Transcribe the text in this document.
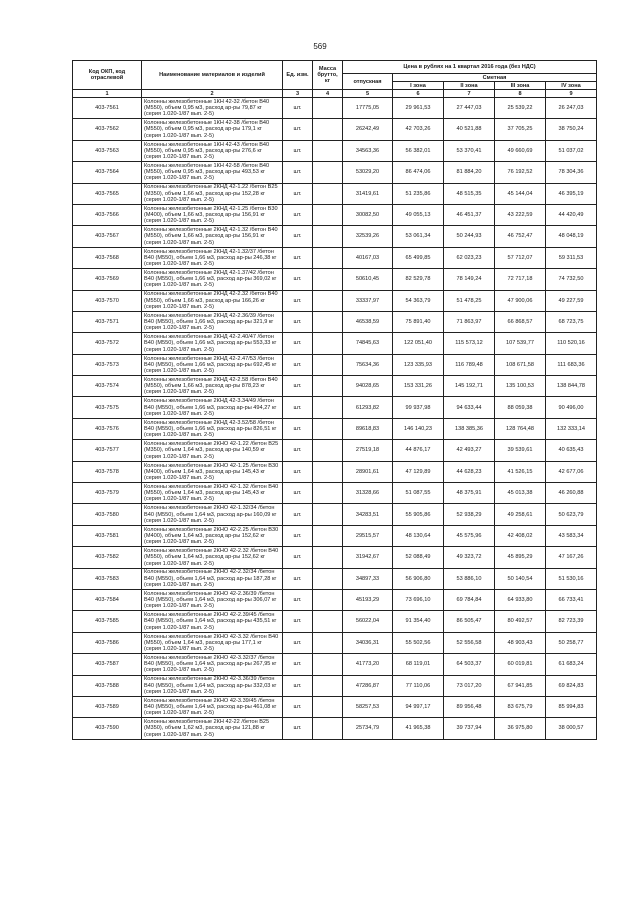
569
Код ОКП, код отраслевой	Наименование материалов и изделий	Ед. изм.	Масса брутто, кг	Цена в рублях на 1 квартал 2016 года (без НДС)				
				отпускная	Сметная			
					I зона	II зона	III зона	IV зона
1	2	3	4	5	6	7	8	9
403-7561	Колонны железобетонные 1КН 42-32 /бетон В40 (М550), объем 0,95 м3, расход ар-ры 79,87 кг (серия 1.020-1/87 вып. 2-5)	шт.		17775,05	29 961,53	27 447,03	25 539,22	26 247,03
403-7562	Колонны железобетонные 1КН 42-38 /бетон В40 (М550), объем 0,95 м3, расход ар-ры 179,1 кг (серия 1.020-1/87 вып. 2-5)	шт.		26242,49	42 703,26	40 521,88	37 705,25	38 750,24
403-7563	Колонны железобетонные 1КН 42-43 /бетон В40 (М550), объем 0,95 м3, расход ар-ры 276,6 кг (серия 1.020-1/87 вып. 2-5)	шт.		34563,36	56 382,01	53 370,41	49 660,69	51 037,02
403-7564	Колонны железобетонные 1КН 42-58 /бетон В40 (М550), объем 0,95 м3, расход ар-ры 493,53 кг (серия 1.020-1/87 вып. 2-5)	шт.		53029,20	86 474,06	81 884,20	76 192,52	78 304,36
403-7565	Колонны железобетонные 2КНД 42-1.22 /бетон В25 (М350), объем 1,66 м3, расход ар-ры 152,28 кг (серия 1.020-1/87 вып. 2-5)	шт.		31419,61	51 235,86	48 515,35	45 144,04	46 395,19
403-7566	Колонны железобетонные 2КНД 42-1.25 /бетон В30 (М400), объем 1,66 м3, расход ар-ры 156,91 кг (серия 1.020-1/87 вып. 2-5)	шт.		30082,50	49 055,13	46 451,37	43 222,59	44 420,49
403-7567	Колонны железобетонные 2КНД 42-1.32 /бетон В40 (М550), объем 1,66 м3, расход ар-ры 156,91 кг (серия 1.020-1/87 вып. 2-5)	шт.		32539,26	53 061,34	50 244,93	46 752,47	48 048,19
403-7568	Колонны железобетонные 2КНД 42-1.32/37 /бетон В40 (М550), объем 1,66 м3, расход ар-ры 246,38 кг (серия 1.020-1/87 вып. 2-5)	шт.		40167,03	65 499,85	62 023,23	57 712,07	59 311,53
403-7569	Колонны железобетонные 2КНД 42-1.37/42 /бетон В40 (М550), объем 1,66 м3, расход ар-ры 369,02 кг (серия 1.020-1/87 вып. 2-5)	шт.		50610,45	82 529,78	78 149,24	72 717,18	74 732,50
403-7570	Колонны железобетонные 2КНД 42-2.32 /бетон В40 (М550), объем 1,66 м3, расход ар-ры 166,26 кг (серия 1.020-1/87 вып. 2-5)	шт.		33337,97	54 363,79	51 478,25	47 900,06	49 227,59
403-7571	Колонны железобетонные 2КНД 42-2.36/39 /бетон В40 (М550), объем 1,66 м3, расход ар-ры 321,9 кг (серия 1.020-1/87 вып. 2-5)	шт.		46538,59	75 891,40	71 863,97	66 868,57	68 723,75
403-7572	Колонны железобетонные 2КНД 42-2.40/47 /бетон В40 (М550), объем 1,66 м3, расход ар-ры 553,33 кг (серия 1.020-1/87 вып. 2-5)	шт.		74845,63	122 051,40	115 573,12	107 539,77	110 520,16
403-7573	Колонны железобетонные 2КНД 42-2.47/53 /бетон В40 (М550), объем 1,66 м3, расход ар-ры 692,45 кг (серия 1.020-1/87 вып. 2-5)	шт.		75634,36	123 335,93	116 789,48	108 671,58	111 683,36
403-7574	Колонны железобетонные 2КНД 42-2.58 /бетон В40 (М550), объем 1,66 м3, расход ар-ры 878,23 кг (серия 1.020-1/87 вып. 2-5)	шт.		94028,65	153 331,26	145 192,71	135 100,53	138 844,78
403-7575	Колонны железобетонные 2КНД 42-3.34/49 /бетон В40 (М550), объем 1,66 м3, расход ар-ры 494,27 кг (серия 1.020-1/87 вып. 2-5)	шт.		61293,82	99 937,98	94 633,44	88 059,38	90 496,00
403-7576	Колонны железобетонные 2КНД 42-3.52/58 /бетон В40 (М550), объем 1,66 м3, расход ар-ры 826,51 кг (серия 1.020-1/87 вып. 2-5)	шт.		89618,83	146 140,23	138 385,36	128 764,48	132 333,14
403-7577	Колонны железобетонные 2КНО 42-1.22 /бетон В25 (М350), объем 1,64 м3, расход ар-ры 140,59 кг (серия 1.020-1/87 вып. 2-5)	шт.		27519,18	44 876,17	42 493,27	39 539,61	40 635,43
403-7578	Колонны железобетонные 2КНО 42-1.25 /бетон В30 (М400), объем 1,64 м3, расход ар-ры 145,43 кг (серия 1.020-1/87 вып. 2-5)	шт.		28901,61	47 129,89	44 628,23	41 526,15	42 677,06
403-7579	Колонны железобетонные 2КНО 42-1.32 /бетон В40 (М550), объем 1,64 м3, расход ар-ры 145,43 кг (серия 1.020-1/87 вып. 2-5)	шт.		31328,66	51 087,55	48 375,91	45 013,38	46 260,88
403-7580	Колонны железобетонные 2КНО 42-1.32/34 /бетон В40 (М550), объем 1,64 м3, расход ар-ры 160,09 кг (серия 1.020-1/87 вып. 2-5)	шт.		34283,51	55 905,86	52 938,29	49 258,61	50 623,79
403-7581	Колонны железобетонные 2КНО 42-2.25 /бетон В30 (М400), объем 1,64 м3, расход ар-ры 152,62 кг (серия 1.020-1/87 вып. 2-5)	шт.		29515,57	48 130,64	45 575,96	42 408,02	43 583,34
403-7582	Колонны железобетонные 2КНО 42-2.32 /бетон В40 (М550), объем 1,64 м3, расход ар-ры 152,62 кг (серия 1.020-1/87 вып. 2-5)	шт.		31942,67	52 088,49	49 323,72	45 895,29	47 167,26
403-7583	Колонны железобетонные 2КНО 42-2.32/34 /бетон В40 (М550), объем 1,64 м3, расход ар-ры 187,28 кг (серия 1.020-1/87 вып. 2-5)	шт.		34897,33	56 906,80	53 886,10	50 140,54	51 530,16
403-7584	Колонны железобетонные 2КНО 42-2.36/39 /бетон В40 (М550), объем 1,64 м3, расход ар-ры 306,07 кг (серия 1.020-1/87 вып. 2-5)	шт.		45193,29	73 696,10	69 784,84	64 933,80	66 733,41
403-7585	Колонны железобетонные 2КНО 42-2.39/45 /бетон В40 (М550), объем 1,64 м3, расход ар-ры 435,51 кг (серия 1.020-1/87 вып. 2-5)	шт.		56022,04	91 354,40	86 505,47	80 492,57	82 723,39
403-7586	Колонны железобетонные 2КНО 42-3.32 /бетон В40 (М550), объем 1,64 м3, расход ар-ры 177,1 кг (серия 1.020-1/87 вып. 2-5)	шт.		34036,31	55 502,56	52 556,58	48 903,43	50 258,77
403-7587	Колонны железобетонные 2КНО 42-3.32/37 /бетон В40 (М550), объем 1,64 м3, расход ар-ры 267,95 кг (серия 1.020-1/87 вып. 2-5)	шт.		41773,20	68 119,01	64 503,37	60 019,81	61 683,24
403-7588	Колонны железобетонные 2КНО 42-3.36/39 /бетон В40 (М550), объем 1,64 м3, расход ар-ры 332,03 кг (серия 1.020-1/87 вып. 2-5)	шт.		47286,87	77 110,06	73 017,20	67 941,85	69 824,83
403-7589	Колонны железобетонные 2КНО 42-3.39/45 /бетон В40 (М550), объем 1,64 м3, расход ар-ры 461,08 кг (серия 1.020-1/87 вып. 2-5)	шт.		58257,53	94 997,17	89 956,48	83 675,79	85 994,83
403-7590	Колонны железобетонные 2КН 42-22 /бетон В25 (М350), объем 1,62 м3, расход ар-ры 121,88 кг (серия 1.020-1/87 вып. 2-5)	шт.		25734,79	41 965,38	39 737,94	36 975,80	38 000,57
